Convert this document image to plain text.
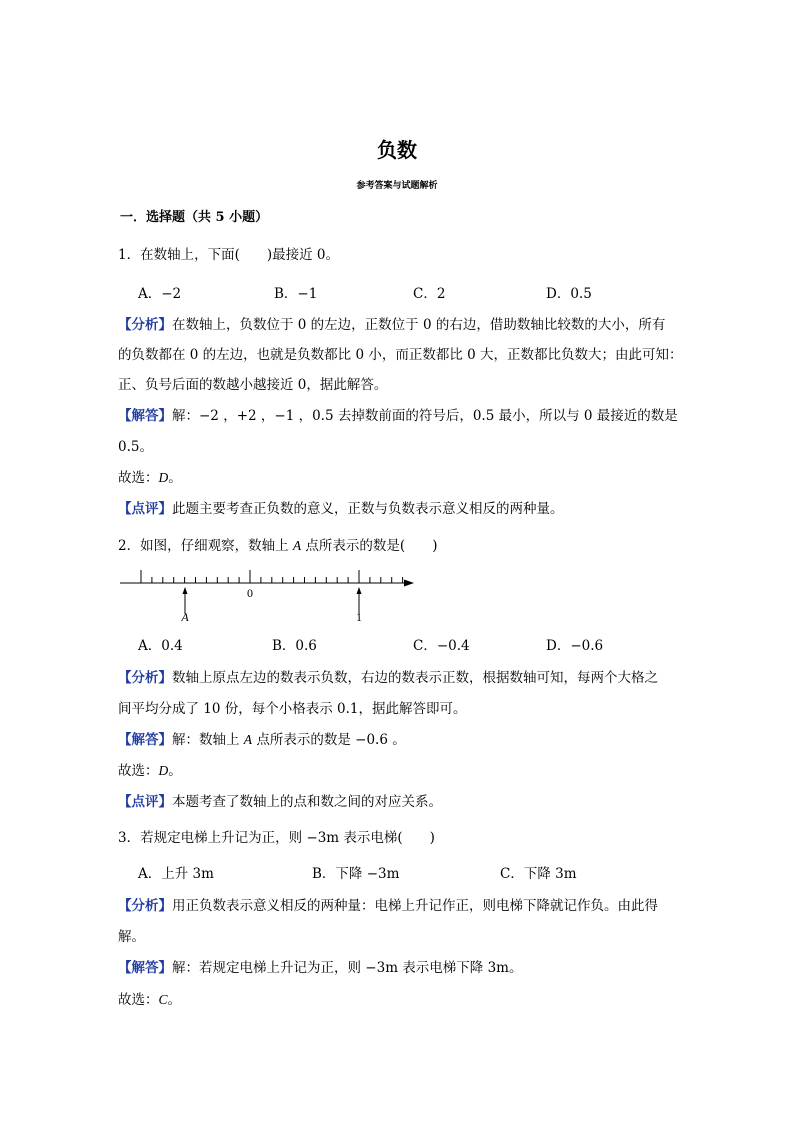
负数
参考答案与试题解析
一．选择题（共 5 小题）
1．在数轴上，下面(　　)最接近 0。
A．−2	B．−1	C．2	D．0.5
【分析】在数轴上，负数位于 0 的左边，正数位于 0 的右边，借助数轴比较数的大小，所有
的负数都在 0 的左边，也就是负数都比 0 小，而正数都比 0 大，正数都比负数大；由此可知：
正、负号后面的数越小越接近 0，据此解答。
【解答】解：−2 ，+2 ，−1 ，0.5 去掉数前面的符号后，0.5 最小，所以与 0 最接近的数是
0.5。
故选：D。
【点评】此题主要考查正负数的意义，正数与负数表示意义相反的两种量。
2．如图，仔细观察，数轴上 A 点所表示的数是(　　)
0
A	1
A．0.4	B．0.6	C．−0.4	D．−0.6
【分析】数轴上原点左边的数表示负数，右边的数表示正数，根据数轴可知，每两个大格之
间平均分成了 10 份，每个小格表示 0.1，据此解答即可。
【解答】解：数轴上 A 点所表示的数是 −0.6 。
故选：D。
【点评】本题考查了数轴上的点和数之间的对应关系。
3．若规定电梯上升记为正，则 −3m 表示电梯(　　)
A．上升 3m	B．下降 −3m	C．下降 3m
【分析】用正负数表示意义相反的两种量：电梯上升记作正，则电梯下降就记作负。由此得
解。
【解答】解：若规定电梯上升记为正，则 −3m 表示电梯下降 3m。
故选：C。
